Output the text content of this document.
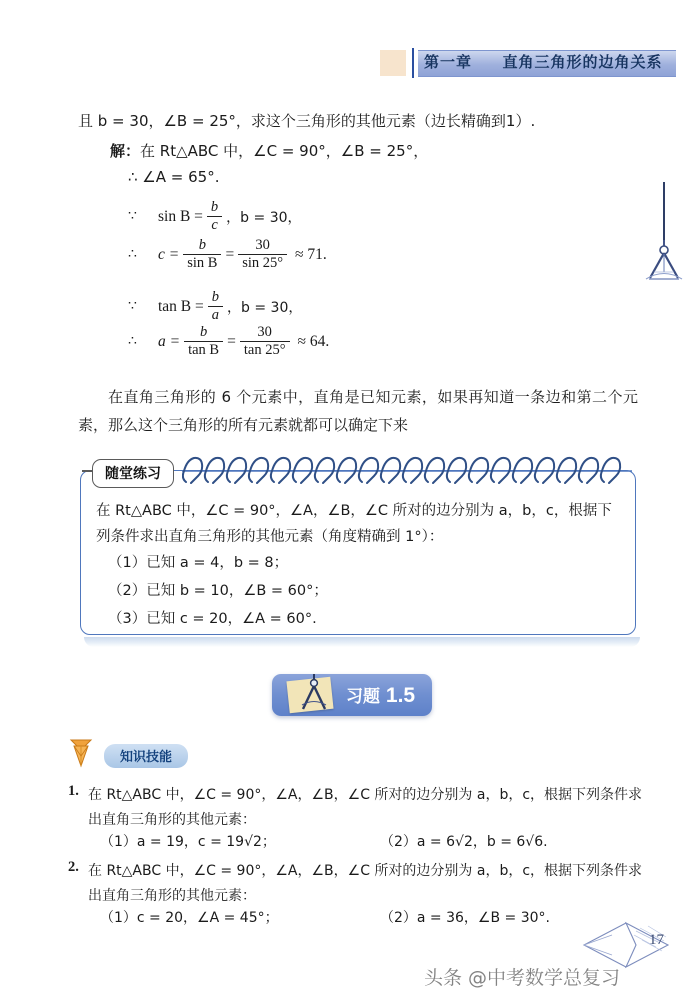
第一章 直角三角形的边角关系
且 b = 30，∠B = 25°，求这个三角形的其他元素（边长精确到1）.
解：在 Rt△ABC 中，∠C = 90°，∠B = 25°，
∴ ∠A = 65°.
∵	$\sin B = \frac{b}{c}$ ，b = 30，
∴	$c = \frac{b}{\text{sin B}} = \frac{30}{\sin 25^\circ} \approx 71$.
∵	$\tan B = \frac{b}{a}$ ，b = 30，
∴	$a = \frac{b}{\text{tan B}} = \frac{30}{\tan 25^\circ} \approx 64$.
在直角三角形的 6 个元素中，直角是已知元素，如果再知道一条边和第二个元素，那么这个三角形的所有元素就都可以确定下来
随堂练习
在 Rt△ABC 中，∠C = 90°，∠A，∠B，∠C 所对的边分别为 a，b，c，根据下列条件求出直角三角形的其他元素（角度精确到 1°）：
（1）已知 a = 4，b = 8；
（2）已知 b = 10，∠B = 60°；
（3）已知 c = 20，∠A = 60°.
习题 1.5
知识技能
1. 在 Rt△ABC 中，∠C = 90°，∠A，∠B，∠C 所对的边分别为 a，b，c，根据下列条件求出直角三角形的其他元素：
（1）a = 19，c = 19√2；	（2）a = 6√2，b = 6√6.
2. 在 Rt△ABC 中，∠C = 90°，∠A，∠B，∠C 所对的边分别为 a，b，c，根据下列条件求出直角三角形的其他元素：
（1）c = 20，∠A = 45°；	（2）a = 36，∠B = 30°.
17
头条 @中考数学总复习
